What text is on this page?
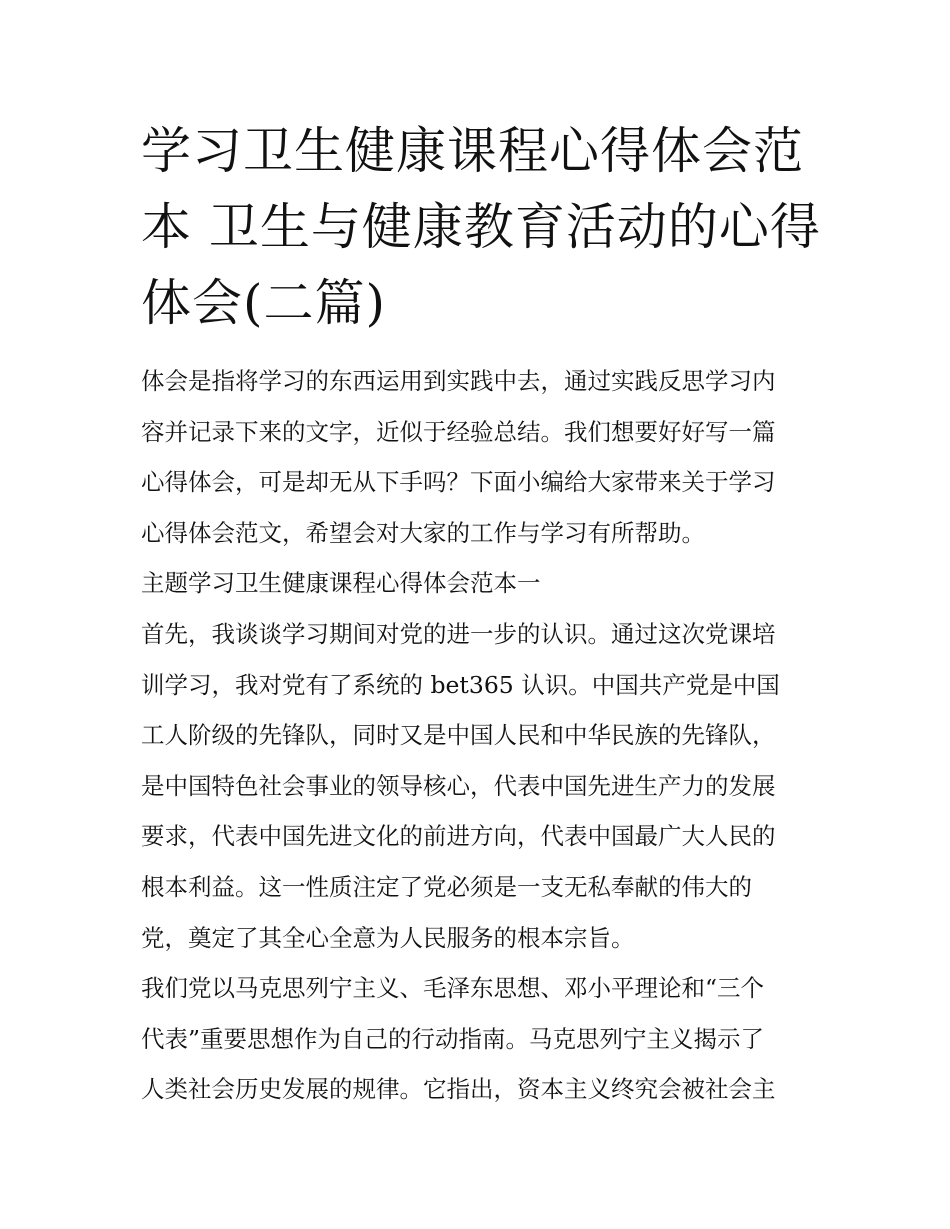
学习卫生健康课程心得体会范
本 卫生与健康教育活动的心得
体会(二篇)
体会是指将学习的东西运用到实践中去，通过实践反思学习内
容并记录下来的文字，近似于经验总结。我们想要好好写一篇
心得体会，可是却无从下手吗？下面小编给大家带来关于学习
心得体会范文，希望会对大家的工作与学习有所帮助。
主题学习卫生健康课程心得体会范本一
首先，我谈谈学习期间对党的进一步的认识。通过这次党课培
训学习，我对党有了系统的 bet365 认识。中国共产党是中国
工人阶级的先锋队，同时又是中国人民和中华民族的先锋队，
是中国特色社会事业的领导核心，代表中国先进生产力的发展
要求，代表中国先进文化的前进方向，代表中国最广大人民的
根本利益。这一性质注定了党必须是一支无私奉献的伟大的
党，奠定了其全心全意为人民服务的根本宗旨。
我们党以马克思列宁主义、毛泽东思想、邓小平理论和“三个
代表”重要思想作为自己的行动指南。马克思列宁主义揭示了
人类社会历史发展的规律。它指出，资本主义终究会被社会主
